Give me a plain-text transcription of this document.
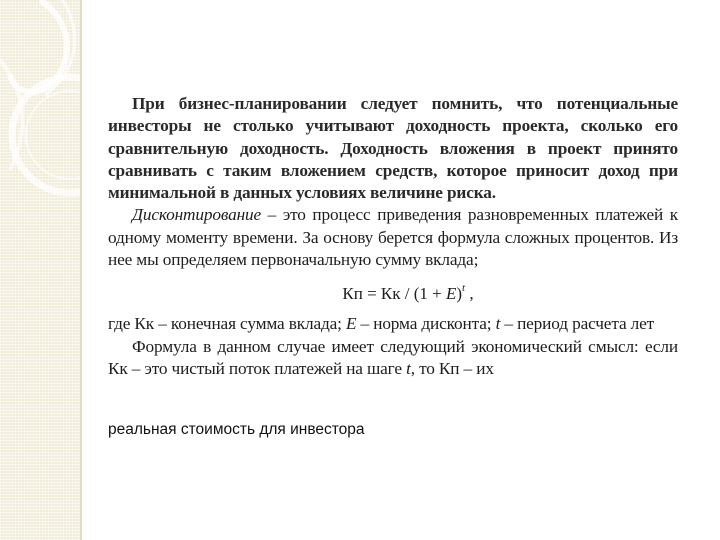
При бизнес-планировании следует помнить, что потенциальные инвесторы не столько учитывают доходность проекта, сколько его сравнительную доходность. Доходность вложения в проект принято сравнивать с таким вложением средств, которое приносит доход при минимальной в данных условиях величине риска.

Дисконтирование – это процесс приведения разновременных платежей к одному моменту времени. За основу берется формула сложных процентов. Из нее мы определяем первоначальную сумму вклада;

Кп = Кк / $(1 + E)^t$ ,

где Кк – конечная сумма вклада; E – норма дисконта; t – период расчета лет

Формула в данном случае имеет следующий экономический смысл: если Кк – это чистый поток платежей на шаге t, то Кп – их

реальная стоимость для инвестора
